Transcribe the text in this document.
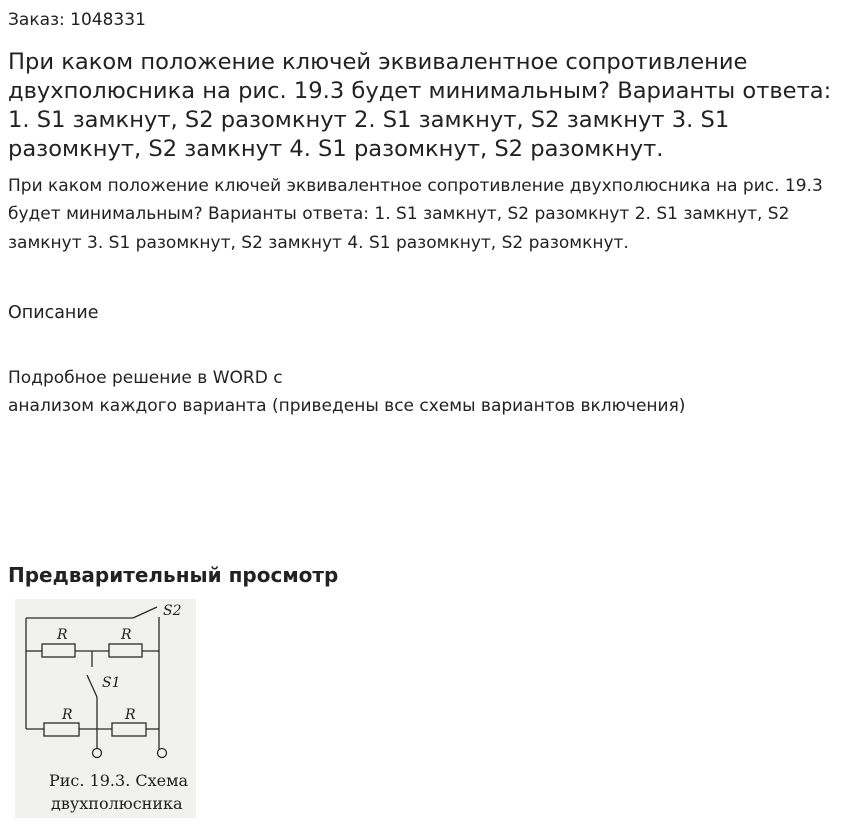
Заказ: 1048331
При каком положение ключей эквивалентное сопротивление двухполюсника на рис. 19.3 будет минимальным? Варианты ответа: 1. S1 замкнут, S2 разомкнут 2. S1 замкнут, S2 замкнут 3. S1 разомкнут, S2 замкнут 4. S1 разомкнут, S2 разомкнут.

При каком положение ключей эквивалентное сопротивление двухполюсника на рис. 19.3 будет минимальным? Варианты ответа: 1. S1 замкнут, S2 разомкнут 2. S1 замкнут, S2 замкнут 3. S1 разомкнут, S2 замкнут 4. S1 разомкнут, S2 разомкнут.

Описание

Подробное решение в WORD с
анализом каждого варианта (приведены все схемы вариантов включения)

Предварительный просмотр
S2
R	R
S1
R	R
Рис. 19.3. Схема
двухполюсника
